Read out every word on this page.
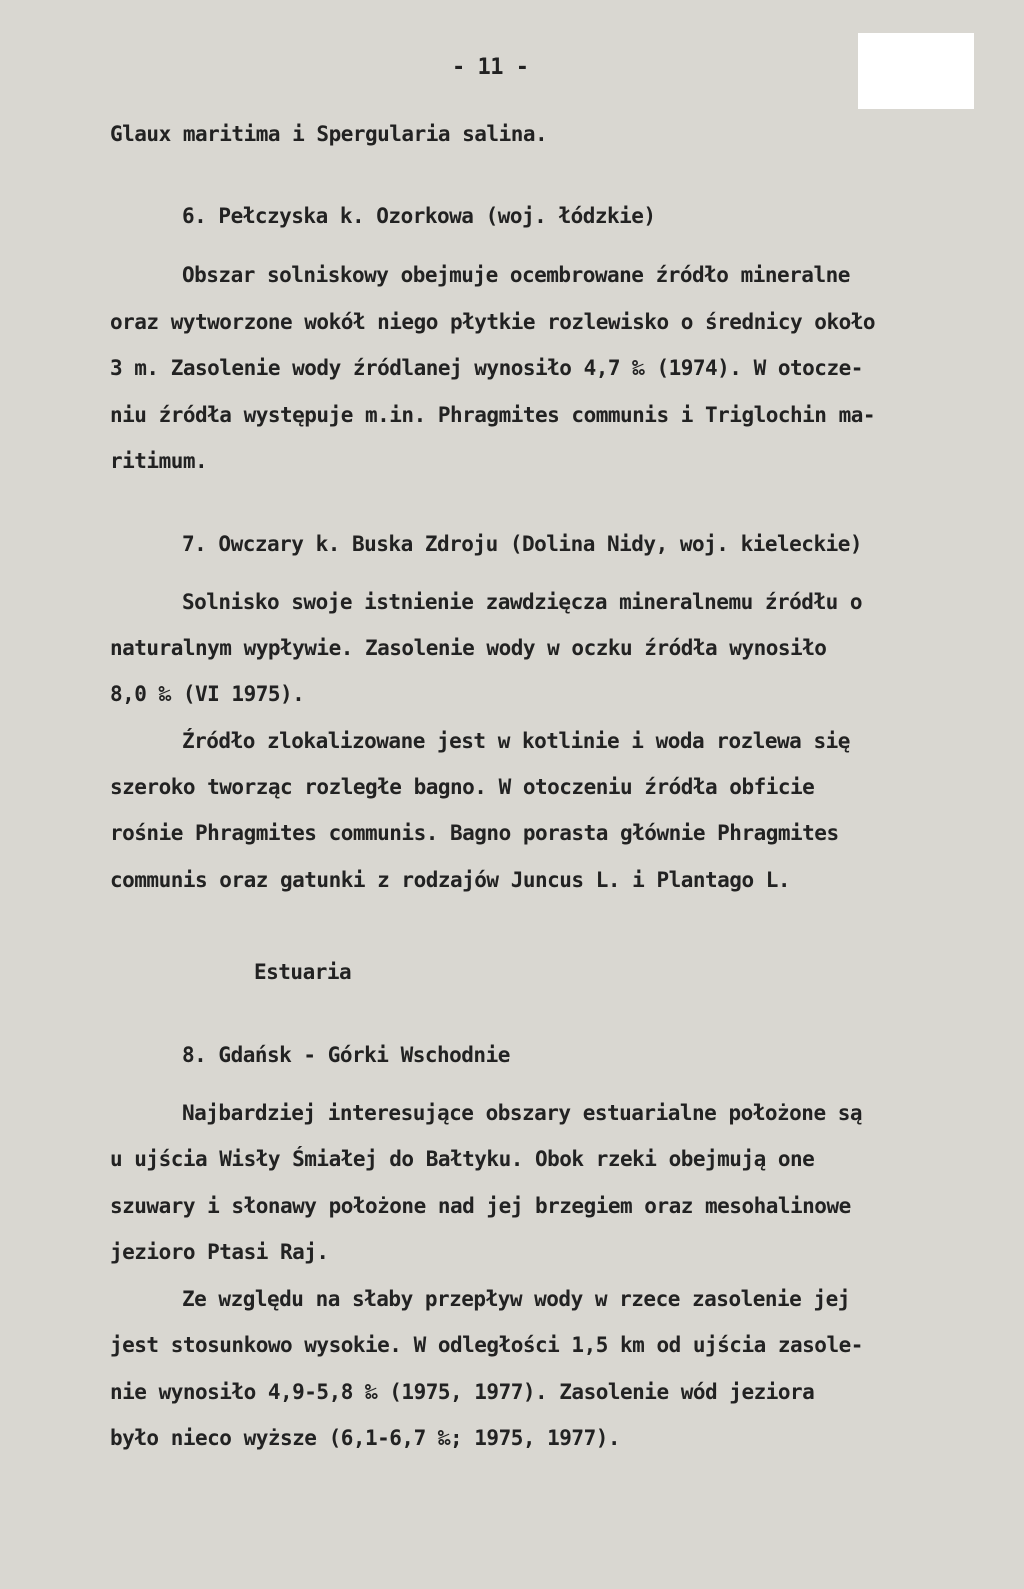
- 11 -
Glaux maritima i Spergularia salina.
6. Pełczyska k. Ozorkowa (woj. łódzkie)
Obszar solniskowy obejmuje ocembrowane źródło mineralne
oraz wytworzone wokół niego płytkie rozlewisko o średnicy około
3 m. Zasolenie wody źródlanej wynosiło 4,7 ‰ (1974). W otocze-
niu źródła występuje m.in. Phragmites communis i Triglochin ma-
ritimum.
7. Owczary k. Buska Zdroju (Dolina Nidy, woj. kieleckie)
Solnisko swoje istnienie zawdzięcza mineralnemu źródłu o
naturalnym wypływie. Zasolenie wody w oczku źródła wynosiło
8,0 ‰ (VI 1975).
Źródło zlokalizowane jest w kotlinie i woda rozlewa się
szeroko tworząc rozległe bagno. W otoczeniu źródła obficie
rośnie Phragmites communis. Bagno porasta głównie Phragmites
communis oraz gatunki z rodzajów Juncus L. i Plantago L.
Estuaria
8. Gdańsk - Górki Wschodnie
Najbardziej interesujące obszary estuarialne położone są
u ujścia Wisły Śmiałej do Bałtyku. Obok rzeki obejmują one
szuwary i słonawy położone nad jej brzegiem oraz mesohalinowe
jezioro Ptasi Raj.
Ze względu na słaby przepływ wody w rzece zasolenie jej
jest stosunkowo wysokie. W odległości 1,5 km od ujścia zasole-
nie wynosiło 4,9-5,8 ‰ (1975, 1977). Zasolenie wód jeziora
było nieco wyższe (6,1-6,7 ‰; 1975, 1977).
